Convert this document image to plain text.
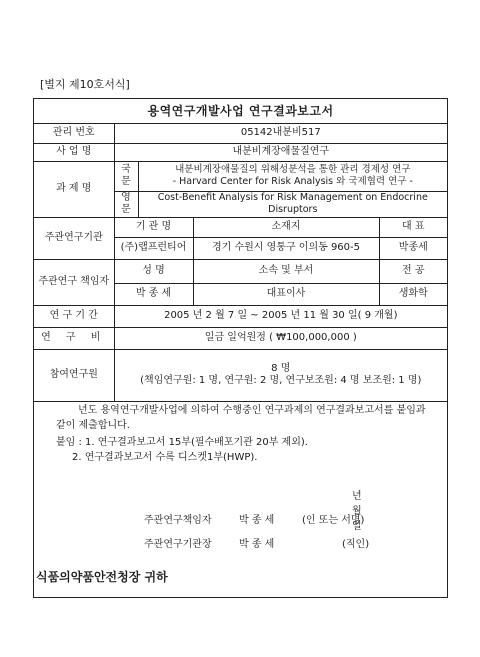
[별지 제10호서식]
용역연구개발사업 연구결과보고서				
관리 번호	05142내분비517			
사 업 명	내분비계장애물질연구			
과 제 명	국문	내분비계장애물질의 위해성분석을 통한 관리 경제성 연구
- Harvard Center for Risk Analysis 와 국제협력 연구 -		

	영문	Cost-Benefit Analysis for Risk Management on Endocrine Disruptors		
주관연구기관	기 관 명		소재지	대 표
	(주)랩프런티어		경기 수원시 영통구 이의동 960-5	박종세
주관연구 책임자	성 명		소속 및 부서	전 공
	박 종 세		대표이사	생화학
연 구 기 간	2005 년 2 월 7 일 ~ 2005 년 11 월 30 일( 9 개월)			
연 구 비	일금 일억원정 ( ₩100,000,000 )			
참여연구원	8 명
(책임연구원: 1 명, 연구원: 2 명, 연구보조원: 4 명 보조원: 1 명)			
년도 용역연구개발사업에 의하여 수행중인 연구과제의 연구결과보고서를 붙임과 같이 제출합니다.
붙임 : 1. 연구결과보고서 15부(필수배포기관 20부 제외).
2. 연구결과보고서 수록 디스켓1부(HWP).
년 월 일
주관연구책임자	박 종 세	(인 또는 서명)
주관연구기관장	박 종 세	(직인)
식품의약품안전청장 귀하
